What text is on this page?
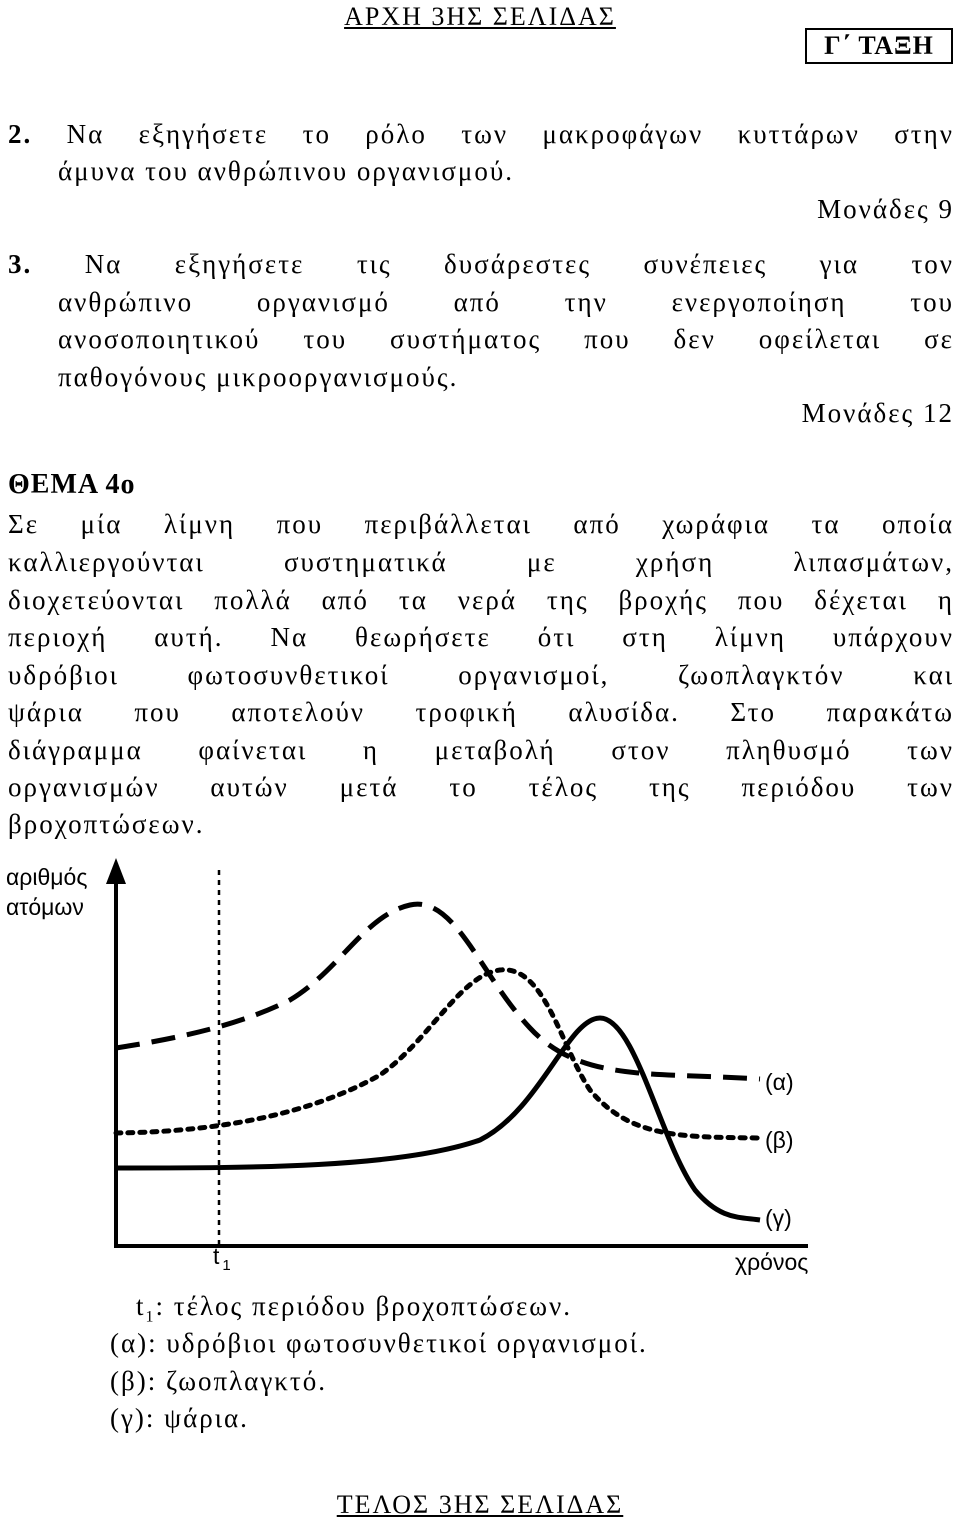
ΑΡΧΗ 3ΗΣ ΣΕΛΙΔΑΣ
Γ΄ ΤΑΞΗ
2. Να εξηγήσετε το ρόλο των μακροφάγων κυττάρων στην
άμυνα του ανθρώπινου οργανισμού.
Μονάδες 9
3. Να εξηγήσετε τις δυσάρεστες συνέπειες για τον
ανθρώπινο οργανισμό από την ενεργοποίηση του
ανοσοποιητικού του συστήματος που δεν οφείλεται σε
παθογόνους μικροοργανισμούς.
Μονάδες 12
ΘΕΜΑ 4ο
Σε μία λίμνη που περιβάλλεται από χωράφια τα οποία
καλλιεργούνται συστηματικά με χρήση λιπασμάτων,
διοχετεύονται πολλά από τα νερά της βροχής που δέχεται η
περιοχή αυτή. Να θεωρήσετε ότι στη λίμνη υπάρχουν
υδρόβιοι φωτοσυνθετικοί οργανισμοί, ζωοπλαγκτόν και
ψάρια που αποτελούν τροφική αλυσίδα. Στο παρακάτω
διάγραμμα φαίνεται η μεταβολή στον πληθυσμό των
οργανισμών αυτών μετά το τέλος της περιόδου των
βροχοπτώσεων.
αριθμός
ατόμων
χρόνος
t $_1$
(α)
(β)
(γ)
$t_1$: τέλος περιόδου βροχοπτώσεων.
(α): υδρόβιοι φωτοσυνθετικοί οργανισμοί.
(β): ζωοπλαγκτό.
(γ): ψάρια.
ΤΕΛΟΣ 3ΗΣ ΣΕΛΙΔΑΣ
